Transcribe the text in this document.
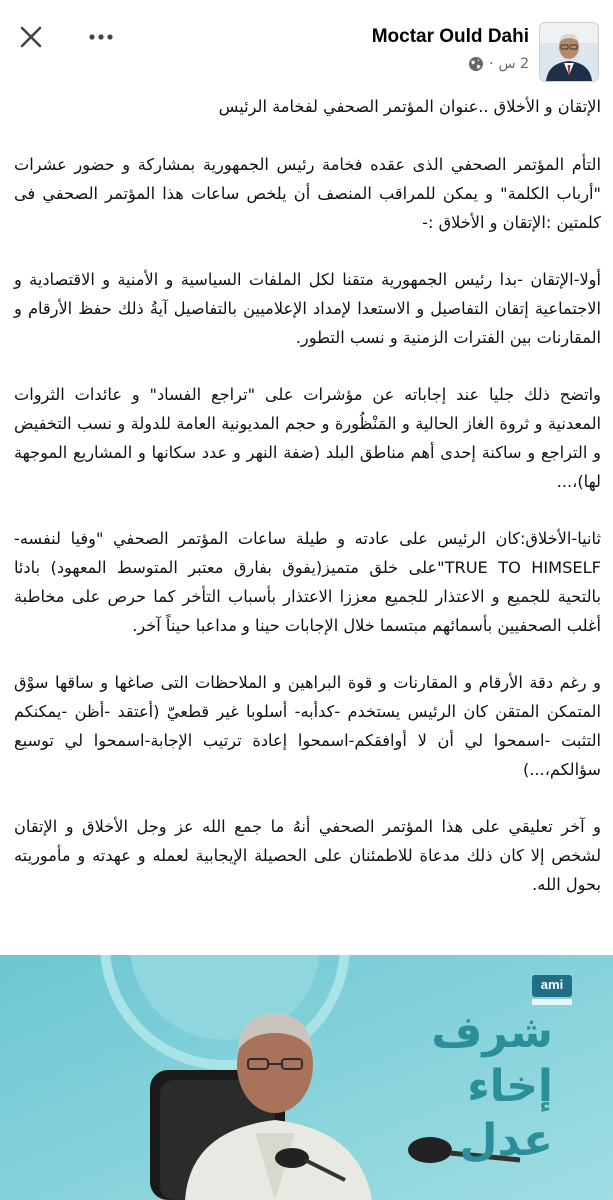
Moctar Ould Dahi
· 2 س

الإتقان و الأخلاق ..عنوان المؤتمر الصحفي لفخامة الرئيس

التأم المؤتمر الصحفي الذى عقده فخامة رئيس الجمهورية بمشاركة و حضور عشرات "أرباب الكلمة" و يمكن للمراقب المنصف أن يلخص ساعات هذا المؤتمر الصحفي فى كلمتين :الإتقان و الأخلاق :-

أولا-الإتقان -بدا رئيس الجمهورية متقنا لكل الملفات السياسية و الأمنية و الاقتصادية و الاجتماعية إتقان التفاصيل و الاستعدا لإمداد الإعلاميين بالتفاصيل آيةُ ذلك حفظ الأرقام و المقارنات بين الفترات الزمنية و نسب التطور.

واتضح ذلك جليا عند إجاباته عن مؤشرات على "تراجع الفساد" و عائدات الثروات المعدنية و ثروة الغاز الحالية و المَنْظُورة و حجم المديونية العامة للدولة و نسب التخفيض و التراجع و ساكنة إحدى أهم مناطق البلد (ضفة النهر و عدد سكانها و المشاريع الموجهة لها)،...

ثانيا-الأخلاق:كان الرئيس على عادته و طيلة ساعات المؤتمر الصحفي "وفيا لنفسه- TRUE TO HIMSELF"على خلق متميز(يفوق بفارق معتبر المتوسط المعهود) بادئا بالتحية للجميع و الاعتذار للجميع معززا الاعتذار بأسباب التأخر كما حرص على مخاطبة أغلب الصحفيين بأسمائهم مبتسما خلال الإجابات حينا و مداعبا حيناً آخر.

و رغم دقة الأرقام و المقارنات و قوة البراهين و الملاحظات التى صاغها و ساقها سوْق المتمكن المتقن كان الرئيس يستخدم -كدأبه- أسلوبا غير قطعيّ (أعتقد -أظن -يمكنكم التثبت -اسمحوا لي أن لا أوافقكم-اسمحوا إعادة ترتيب الإجابة-اسمحوا لي توسيع سؤالكم،...)

و آخر تعليقي على هذا المؤتمر الصحفي أنهُ ما جمع الله عز وجل الأخلاق و الإتقان لشخص إلا كان ذلك مدعاة للاطمئنان على الحصيلة الإيجابية لعمله و عهدته و مأموريته بحول الله.

شرف
إخاء
عدل
ami
